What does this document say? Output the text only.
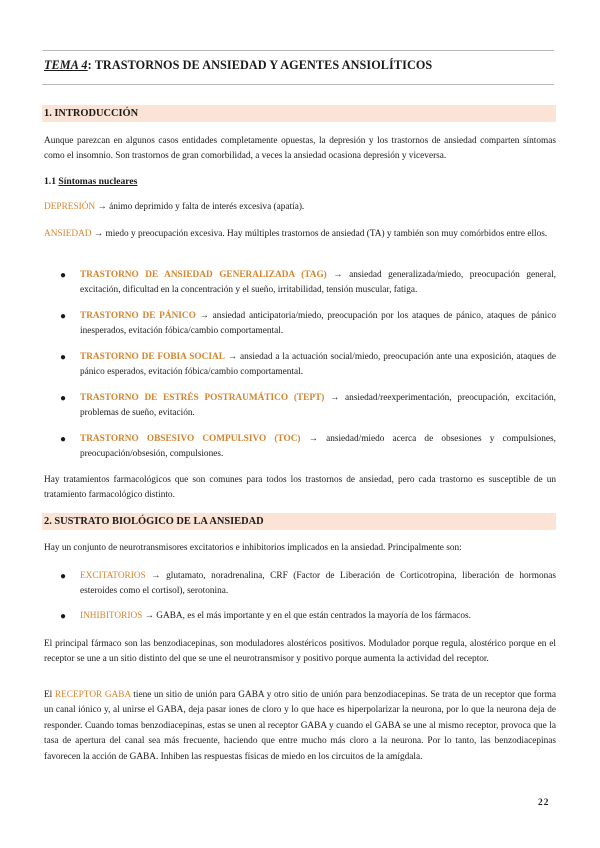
TEMA 4: TRASTORNOS DE ANSIEDAD Y AGENTES ANSIOLÍTICOS
1. INTRODUCCIÓN

Aunque parezcan en algunos casos entidades completamente opuestas, la depresión y los trastornos de ansiedad comparten síntomas como el insomnio. Son trastornos de gran comorbilidad, a veces la ansiedad ocasiona depresión y viceversa.

1.1 Síntomas nucleares

DEPRESIÓN → ánimo deprimido y falta de interés excesiva (apatía).

ANSIEDAD → miedo y preocupación excesiva. Hay múltiples trastornos de ansiedad (TA) y también son muy comórbidos entre ellos.

●	TRASTORNO DE ANSIEDAD GENERALIZADA (TAG) → ansiedad generalizada/miedo, preocupación general, excitación, dificultad en la concentración y el sueño, irritabilidad, tensión muscular, fatiga.

●	TRASTORNO DE PÁNICO → ansiedad anticipatoria/miedo, preocupación por los ataques de pánico, ataques de pánico inesperados, evitación fóbica/cambio comportamental.

●	TRASTORNO DE FOBIA SOCIAL → ansiedad a la actuación social/miedo, preocupación ante una exposición, ataques de pánico esperados, evitación fóbica/cambio comportamental.

●	TRASTORNO DE ESTRÉS POSTRAUMÁTICO (TEPT) → ansiedad/reexperimentación, preocupación, excitación, problemas de sueño, evitación.

●	TRASTORNO OBSESIVO COMPULSIVO (TOC) → ansiedad/miedo acerca de obsesiones y compulsiones, preocupación/obsesión, compulsiones.

Hay tratamientos farmacológicos que son comunes para todos los trastornos de ansiedad, pero cada trastorno es susceptible de un tratamiento farmacológico distinto.

2. SUSTRATO BIOLÓGICO DE LA ANSIEDAD

Hay un conjunto de neurotransmisores excitatorios e inhibitorios implicados en la ansiedad. Principalmente son:

●	EXCITATORIOS → glutamato, noradrenalina, CRF (Factor de Liberación de Corticotropina, liberación de hormonas esteroides como el cortisol), serotonina.

●	INHIBITORIOS → GABA, es el más importante y en el que están centrados la mayoría de los fármacos.

El principal fármaco son las benzodiacepinas, son moduladores alostéricos positivos. Modulador porque regula, alostérico porque en el receptor se une a un sitio distinto del que se une el neurotransmisor y positivo porque aumenta la actividad del receptor.

El RECEPTOR GABA tiene un sitio de unión para GABA y otro sitio de unión para benzodiacepinas. Se trata de un receptor que forma un canal iónico y, al unirse el GABA, deja pasar iones de cloro y lo que hace es hiperpolarizar la neurona, por lo que la neurona deja de responder. Cuando tomas benzodiacepinas, estas se unen al receptor GABA y cuando el GABA se une al mismo receptor, provoca que la tasa de apertura del canal sea más frecuente, haciendo que entre mucho más cloro a la neurona. Por lo tanto, las benzodiacepinas favorecen la acción de GABA. Inhiben las respuestas físicas de miedo en los circuitos de la amígdala.

22
